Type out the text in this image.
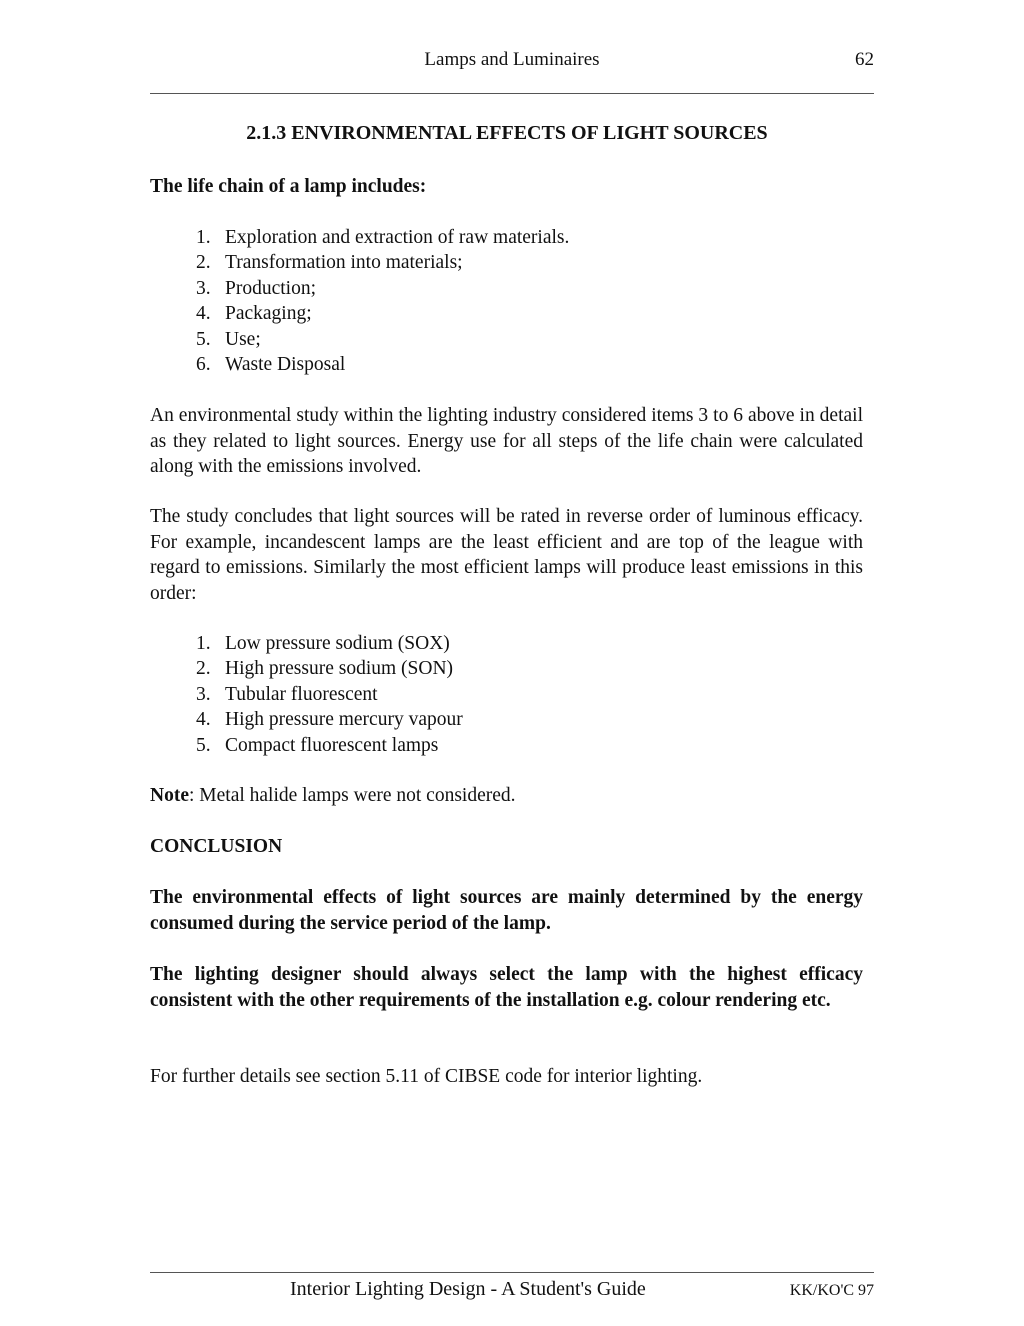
Lamps and Luminaires	62
2.1.3 ENVIRONMENTAL EFFECTS OF LIGHT SOURCES
The life chain of a lamp includes:
1. Exploration and extraction of raw materials.
2. Transformation into materials;
3. Production;
4. Packaging;
5. Use;
6. Waste Disposal
An environmental study within the lighting industry considered items 3 to 6 above in detail as they related to light sources. Energy use for all steps of the life chain were calculated along with the emissions involved.
The study concludes that light sources will be rated in reverse order of luminous efficacy. For example, incandescent lamps are the least efficient and are top of the league with regard to emissions. Similarly the most efficient lamps will produce least emissions in this order:
1. Low pressure sodium (SOX)
2. High pressure sodium (SON)
3. Tubular fluorescent
4. High pressure mercury vapour
5. Compact fluorescent lamps
Note: Metal halide lamps were not considered.
CONCLUSION
The environmental effects of light sources are mainly determined by the energy consumed during the service period of the lamp.
The lighting designer should always select the lamp with the highest efficacy consistent with the other requirements of the installation e.g. colour rendering etc.
For further details see section 5.11 of CIBSE code for interior lighting.
Interior Lighting Design - A Student's Guide	KK/KO'C 97
